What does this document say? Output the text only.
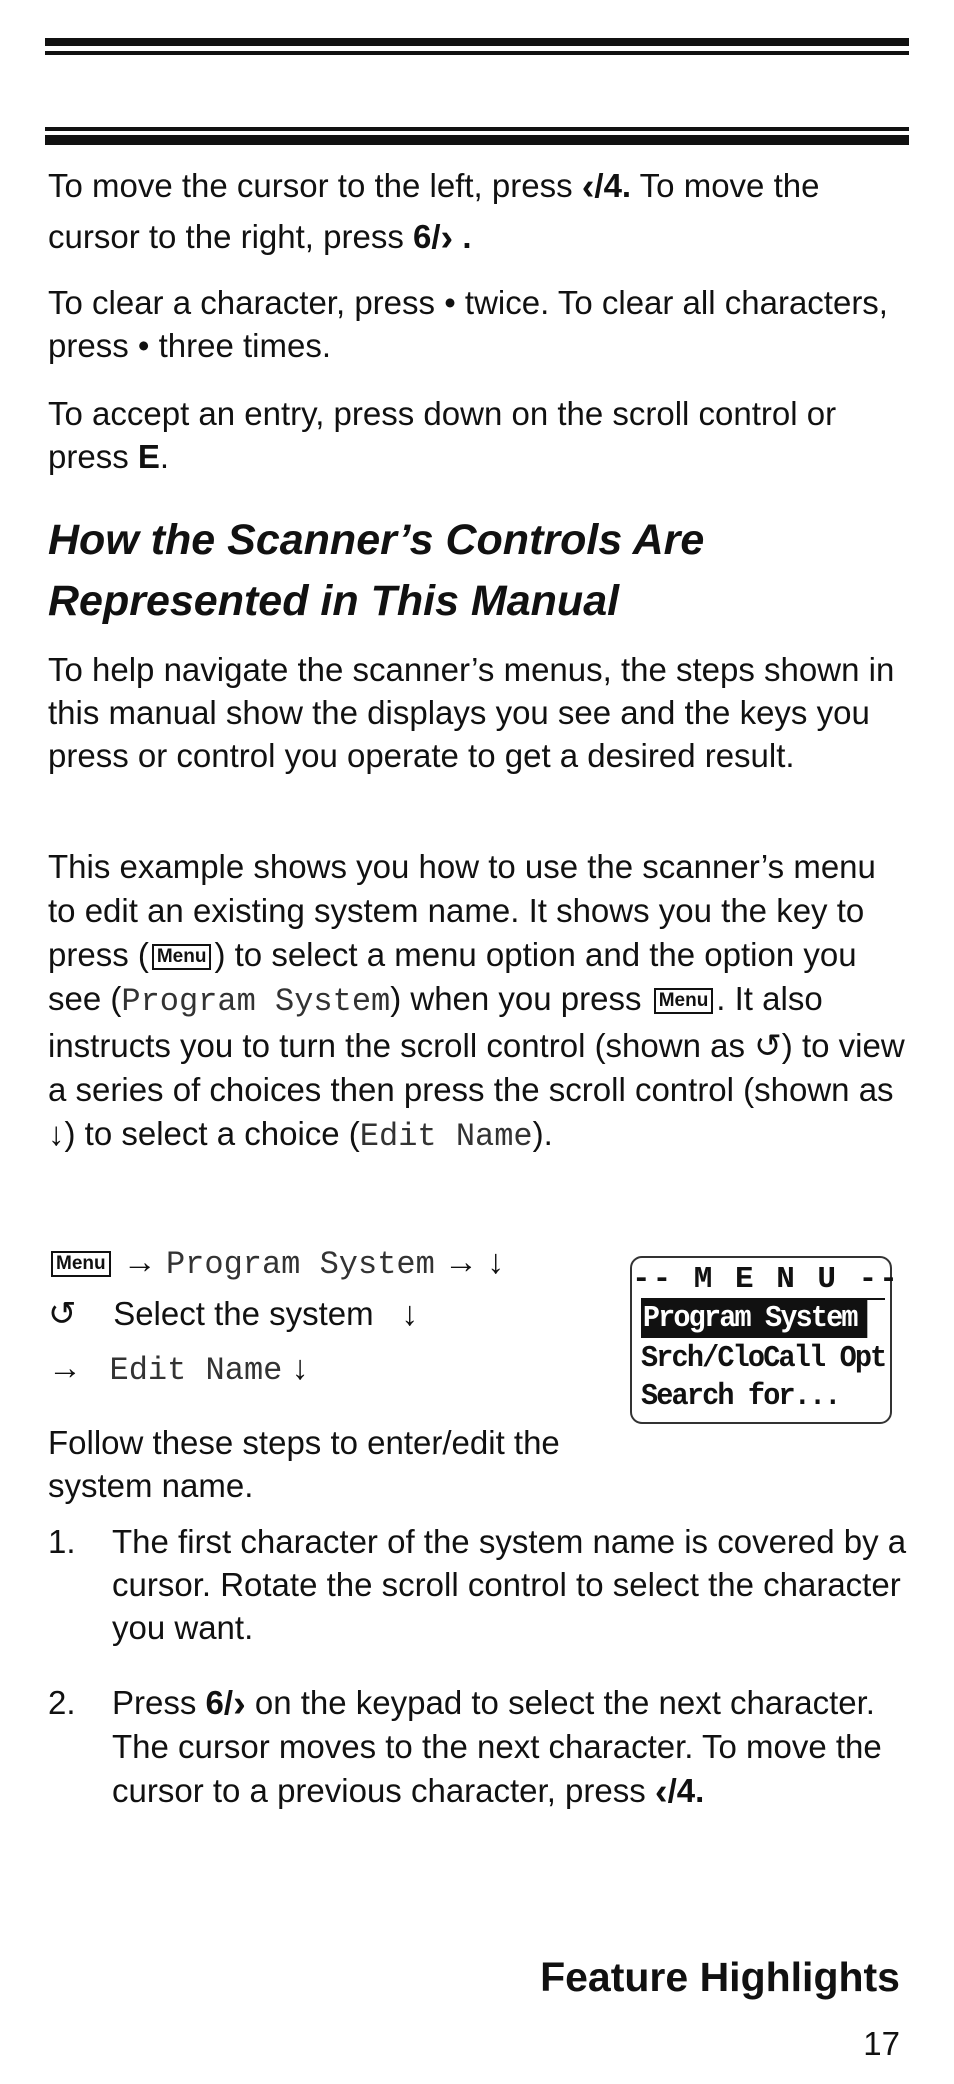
To move the cursor to the left, press ‹/4. To move the cursor to the right, press 6/› .

To clear a character, press • twice. To clear all characters, press • three times.

To accept an entry, press down on the scroll control or press E.

How the Scanner’s Controls Are Represented in This Manual

To help navigate the scanner’s menus, the steps shown in this manual show the displays you see and the keys you press or control you operate to get a desired result.

This example shows you how to use the scanner’s menu to edit an existing system name. It shows you the key to press ( Menu ) to select a menu option and the option you see (Program System) when you press Menu . It also instructs you to turn the scroll control (shown as ↺) to view a series of choices then press the scroll control (shown as ↓) to select a choice (Edit Name).

Menu → Program System → ↓
↺ Select the system ↓
→ Edit Name ↓
-- M E N U --
Program System
Srch/CloCall Opt
Search for...

Follow these steps to enter/edit the system name.

1. The first character of the system name is covered by a cursor. Rotate the scroll control to select the character you want.
2. Press 6/› on the keypad to select the next character. The cursor moves to the next character. To move the cursor to a previous character, press ‹/4.
Feature Highlights
17
